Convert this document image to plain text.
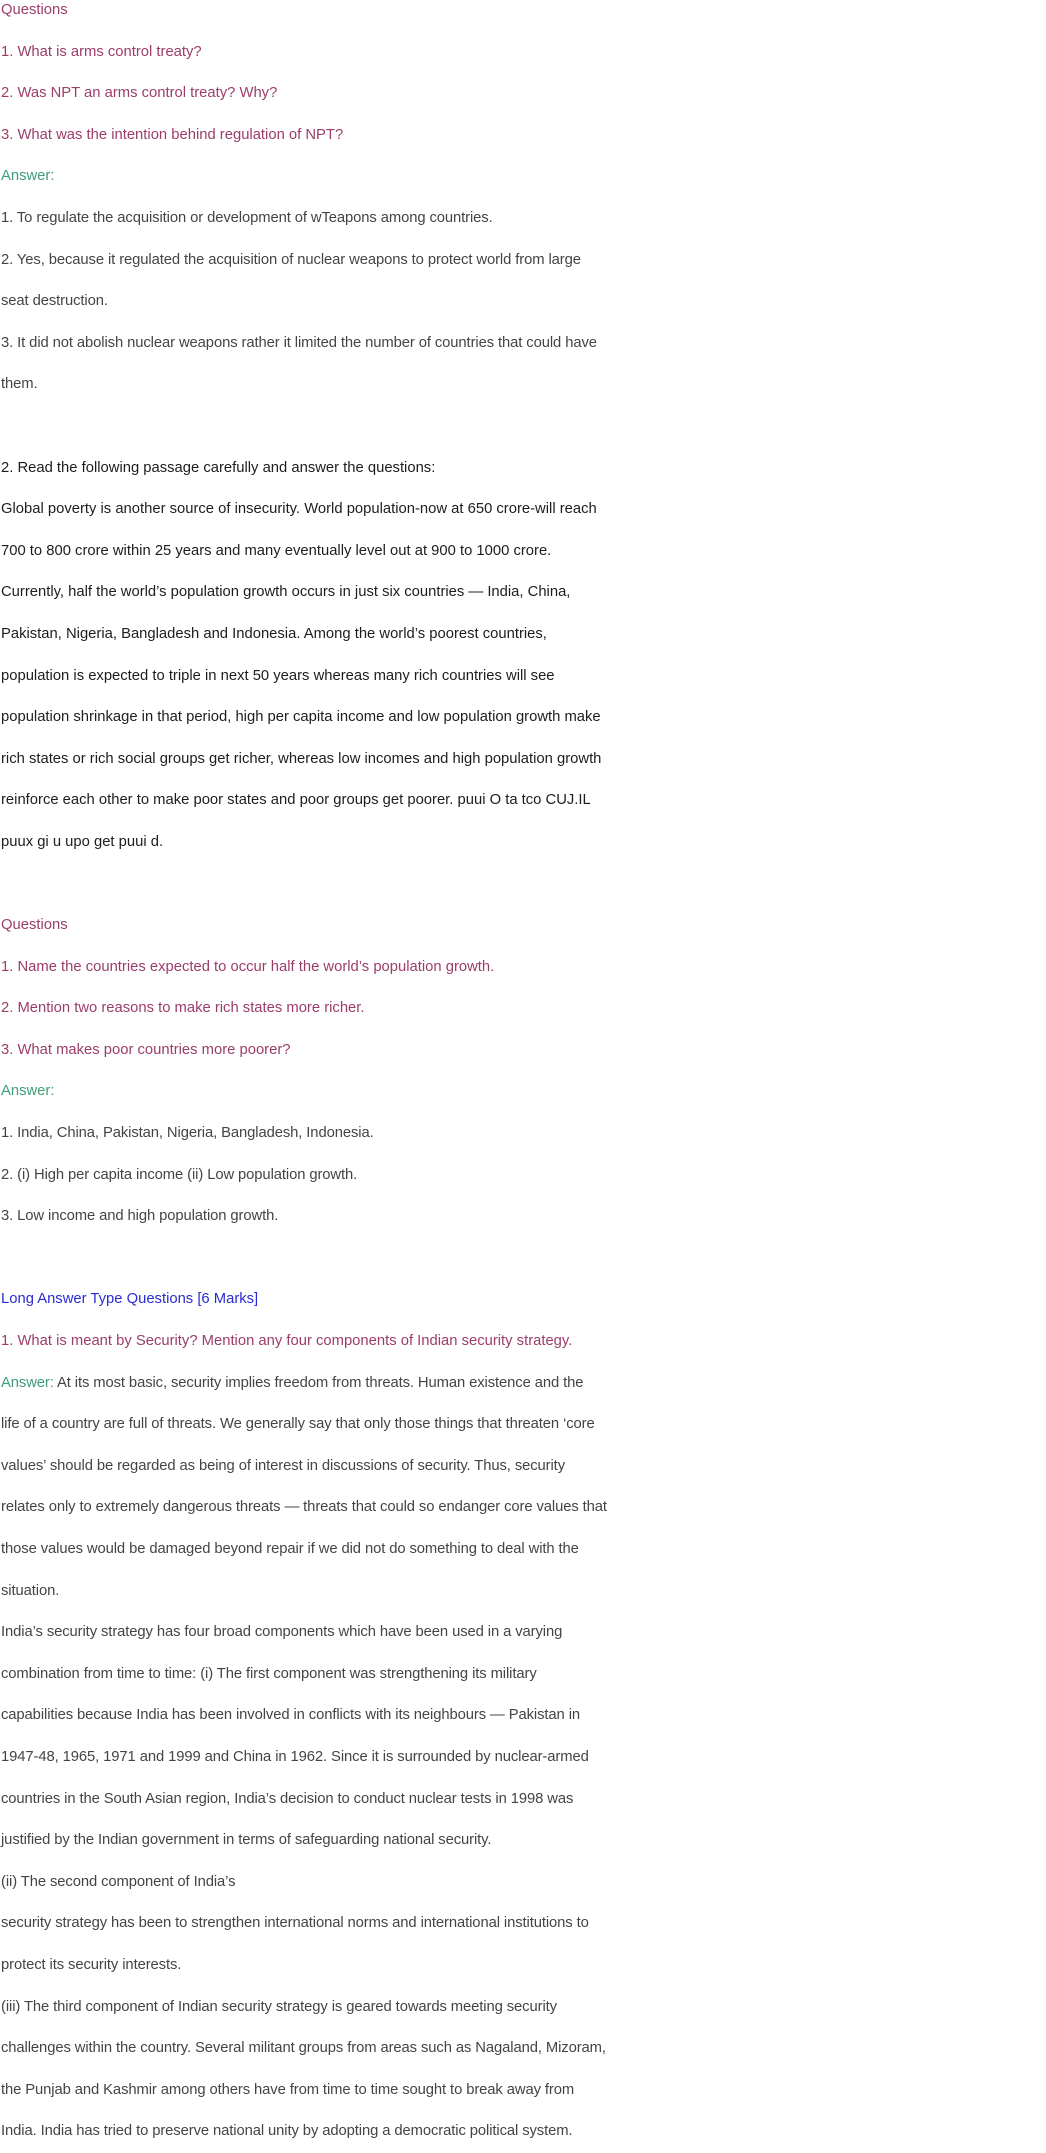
Questions
1. What is arms control treaty?
2. Was NPT an arms control treaty? Why?
3. What was the intention behind regulation of NPT?
Answer:
1. To regulate the acquisition or development of wTeapons among countries.
2. Yes, because it regulated the acquisition of nuclear weapons to protect world from large
seat destruction.
3. It did not abolish nuclear weapons rather it limited the number of countries that could have
them.
2. Read the following passage carefully and answer the questions:
Global poverty is another source of insecurity. World population-now at 650 crore-will reach
700 to 800 crore within 25 years and many eventually level out at 900 to 1000 crore.
Currently, half the world’s population growth occurs in just six countries — India, China,
Pakistan, Nigeria, Bangladesh and Indonesia. Among the world’s poorest countries,
population is expected to triple in next 50 years whereas many rich countries will see
population shrinkage in that period, high per capita income and low population growth make
rich states or rich social groups get richer, whereas low incomes and high population growth
reinforce each other to make poor states and poor groups get poorer. puui O ta tco CUJ.IL
puux gi u upo get puui d.
Questions
1. Name the countries expected to occur half the world’s population growth.
2. Mention two reasons to make rich states more richer.
3. What makes poor countries more poorer?
Answer:
1. India, China, Pakistan, Nigeria, Bangladesh, Indonesia.
2. (i) High per capita income (ii) Low population growth.
3. Low income and high population growth.
Long Answer Type Questions [6 Marks]
1. What is meant by Security? Mention any four components of Indian security strategy.
Answer: At its most basic, security implies freedom from threats. Human existence and the
life of a country are full of threats. We generally say that only those things that threaten ‘core
values’ should be regarded as being of interest in discussions of security. Thus, security
relates only to extremely dangerous threats — threats that could so endanger core values that
those values would be damaged beyond repair if we did not do something to deal with the
situation.
India’s security strategy has four broad components which have been used in a varying
combination from time to time: (i) The first component was strengthening its military
capabilities because India has been involved in conflicts with its neighbours — Pakistan in
1947-48, 1965, 1971 and 1999 and China in 1962. Since it is surrounded by nuclear-armed
countries in the South Asian region, India’s decision to conduct nuclear tests in 1998 was
justified by the Indian government in terms of safeguarding national security.
(ii) The second component of India’s
security strategy has been to strengthen international norms and international institutions to
protect its security interests.
(iii) The third component of Indian security strategy is geared towards meeting security
challenges within the country. Several militant groups from areas such as Nagaland, Mizoram,
the Punjab and Kashmir among others have from time to time sought to break away from
India. India has tried to preserve national unity by adopting a democratic political system.
